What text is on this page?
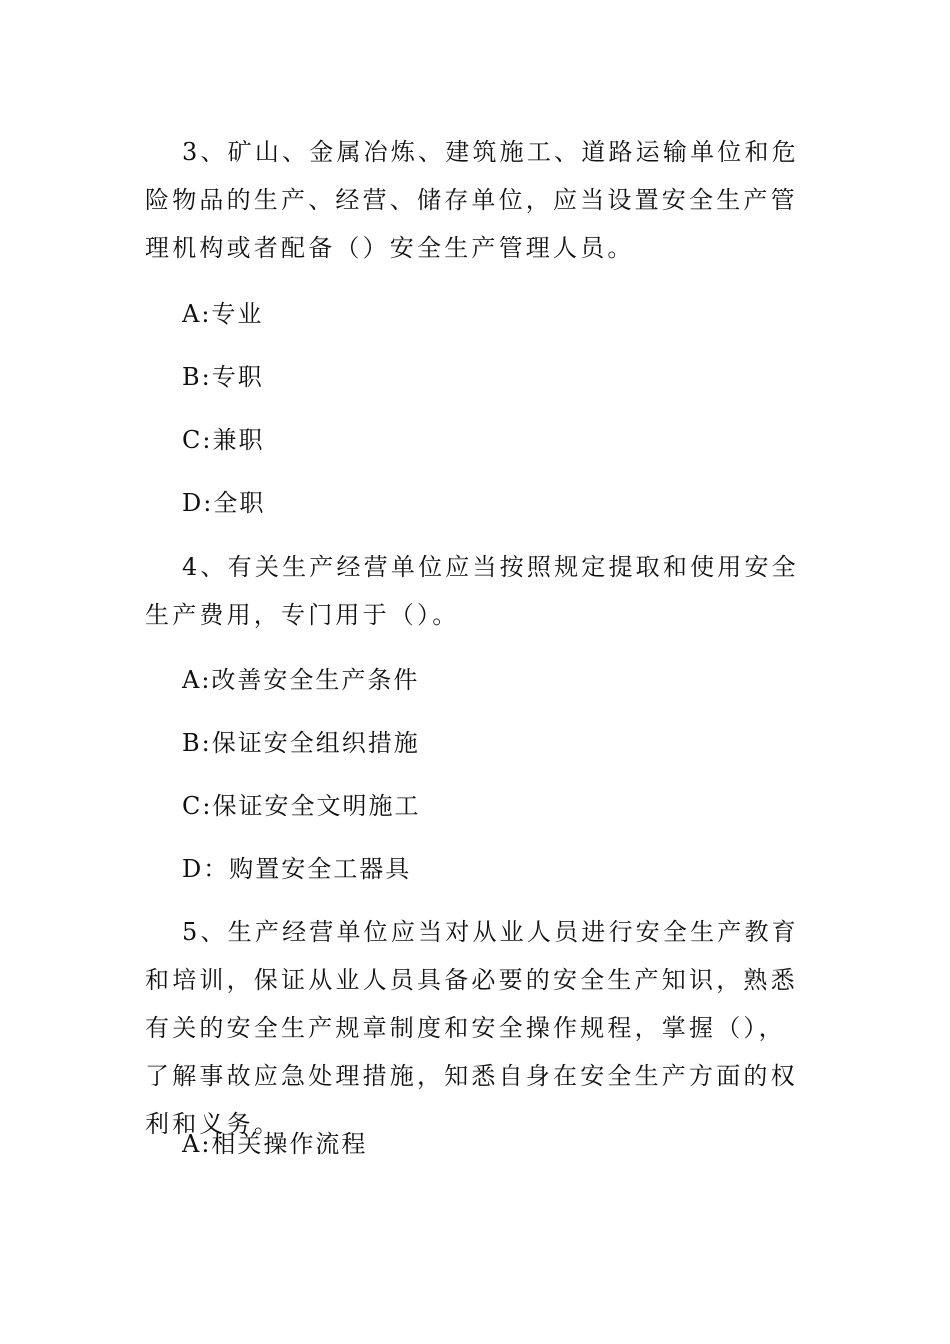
3、矿山、金属冶炼、建筑施工、道路运输单位和危险物品的生产、经营、储存单位，应当设置安全生产管理机构或者配备（）安全生产管理人员。

A:专业

B:专职

C:兼职

D:全职

4、有关生产经营单位应当按照规定提取和使用安全生产费用，专门用于（）。

A:改善安全生产条件

B:保证安全组织措施

C:保证安全文明施工

D：购置安全工器具

5、生产经营单位应当对从业人员进行安全生产教育和培训，保证从业人员具备必要的安全生产知识，熟悉有关的安全生产规章制度和安全操作规程，掌握（），了解事故应急处理措施，知悉自身在安全生产方面的权利和义务。

A:相关操作流程
